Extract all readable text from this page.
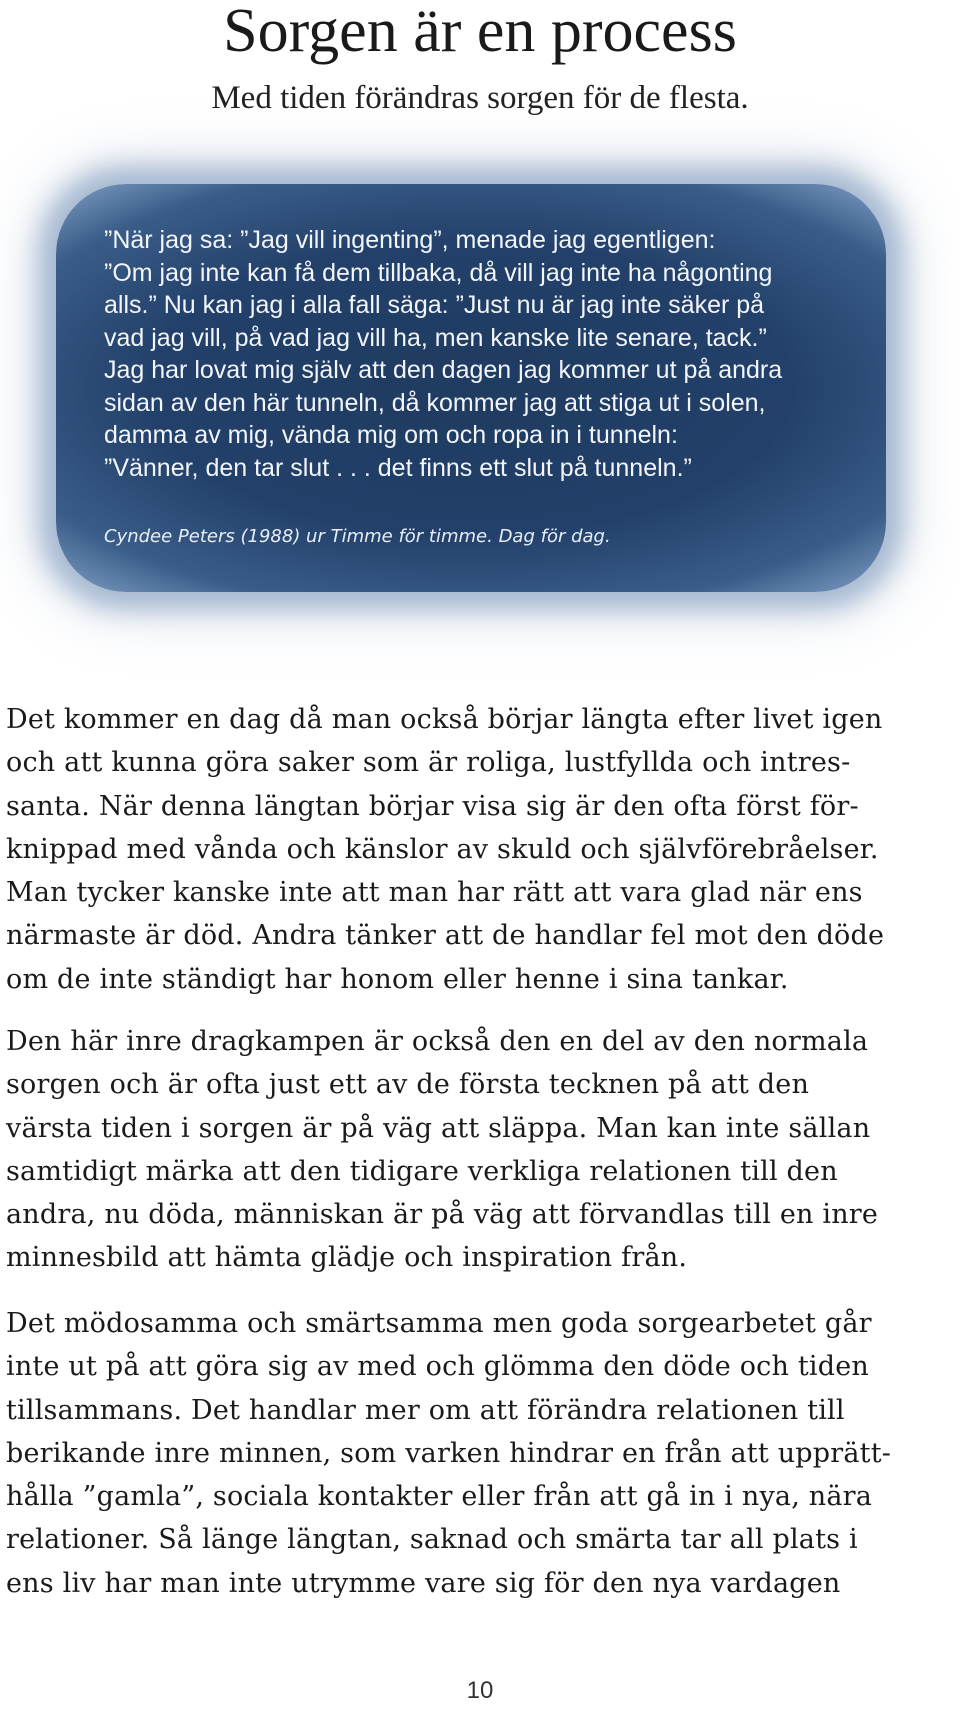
Sorgen är en process

Med tiden förändras sorgen för de flesta.

”När jag sa: ”Jag vill ingenting”, menade jag egentligen:
”Om jag inte kan få dem tillbaka, då vill jag inte ha någonting
alls.” Nu kan jag i alla fall säga: ”Just nu är jag inte säker på
vad jag vill, på vad jag vill ha, men kanske lite senare, tack.”
Jag har lovat mig själv att den dagen jag kommer ut på andra
sidan av den här tunneln, då kommer jag att stiga ut i solen,
damma av mig, vända mig om och ropa in i tunneln:
”Vänner, den tar slut . . . det finns ett slut på tunneln.”

Cyndee Peters (1988) ur Timme för timme. Dag för dag.

Det kommer en dag då man också börjar längta efter livet igen
och att kunna göra saker som är roliga, lustfyllda och intres-
santa. När denna längtan börjar visa sig är den ofta först för-
knippad med vånda och känslor av skuld och självförebråelser.
Man tycker kanske inte att man har rätt att vara glad när ens
närmaste är död. Andra tänker att de handlar fel mot den döde
om de inte ständigt har honom eller henne i sina tankar.

Den här inre dragkampen är också den en del av den normala
sorgen och är ofta just ett av de första tecknen på att den
värsta tiden i sorgen är på väg att släppa. Man kan inte sällan
samtidigt märka att den tidigare verkliga relationen till den
andra, nu döda, människan är på väg att förvandlas till en inre
minnesbild att hämta glädje och inspiration från.

Det mödosamma och smärtsamma men goda sorgearbetet går
inte ut på att göra sig av med och glömma den döde och tiden
tillsammans. Det handlar mer om att förändra relationen till
berikande inre minnen, som varken hindrar en från att upprätt-
hålla ”gamla”, sociala kontakter eller från att gå in i nya, nära
relationer. Så länge längtan, saknad och smärta tar all plats i
ens liv har man inte utrymme vare sig för den nya vardagen

10
